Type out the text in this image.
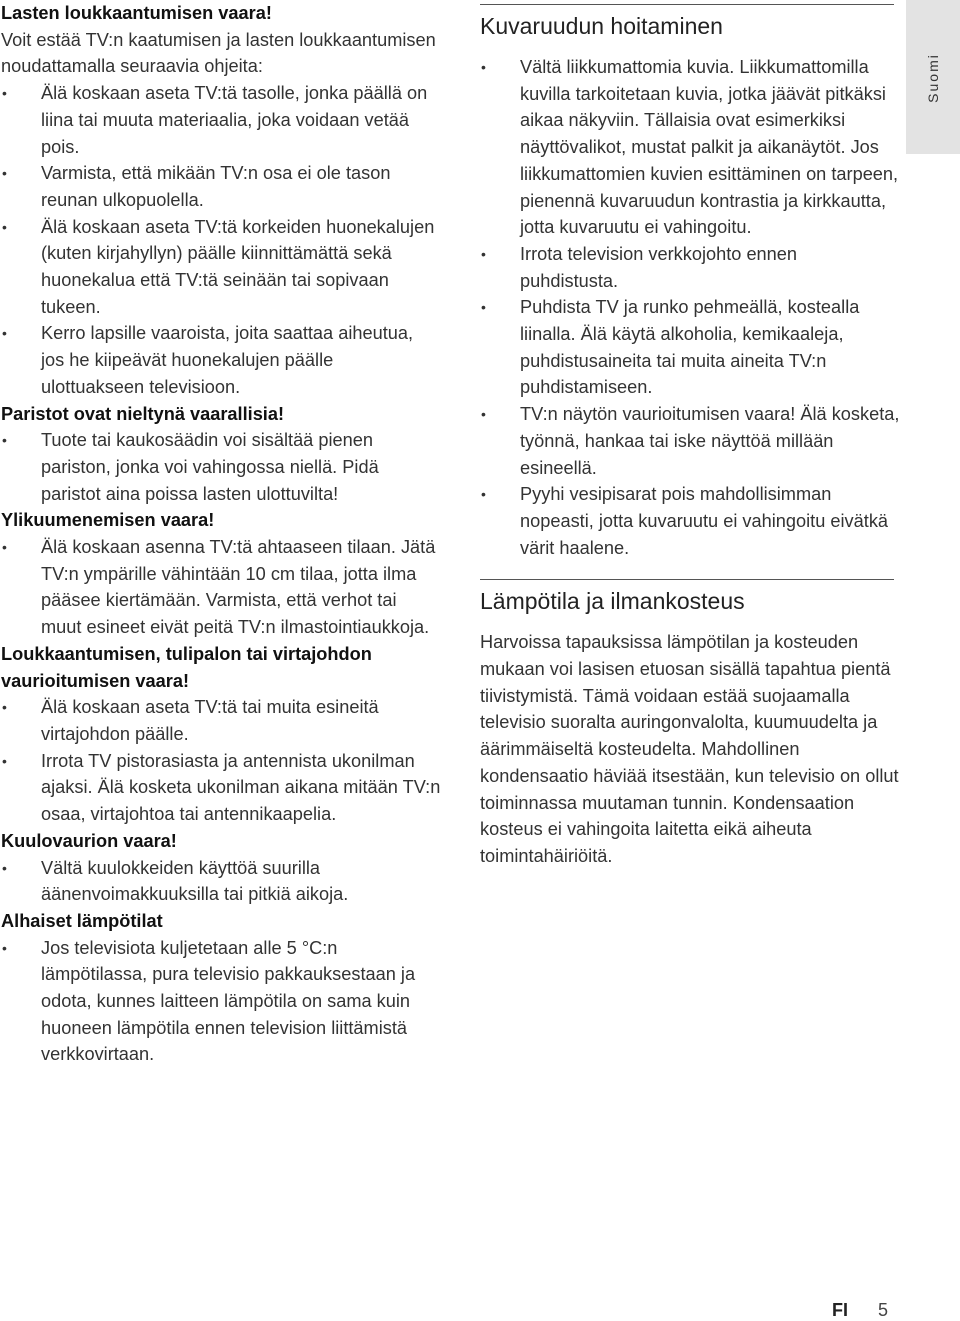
Lasten loukkaantumisen vaara!
Voit estää TV:n kaatumisen ja lasten loukkaantumisen noudattamalla seuraavia ohjeita:
• Älä koskaan aseta TV:tä tasolle, jonka päällä on liina tai muuta materiaalia, joka voidaan vetää pois.
• Varmista, että mikään TV:n osa ei ole tason reunan ulkopuolella.
• Älä koskaan aseta TV:tä korkeiden huonekalujen (kuten kirjahyllyn) päälle kiinnittämättä sekä huonekalua että TV:tä seinään tai sopivaan tukeen.
• Kerro lapsille vaaroista, joita saattaa aiheutua, jos he kiipeävät huonekalujen päälle ulottuakseen televisioon.
Paristot ovat nieltynä vaarallisia!
• Tuote tai kaukosäädin voi sisältää pienen pariston, jonka voi vahingossa niellä. Pidä paristot aina poissa lasten ulottuvilta!
Ylikuumenemisen vaara!
• Älä koskaan asenna TV:tä ahtaaseen tilaan. Jätä TV:n ympärille vähintään 10 cm tilaa, jotta ilma pääsee kiertämään. Varmista, että verhot tai muut esineet eivät peitä TV:n ilmastointiaukkoja.
Loukkaantumisen, tulipalon tai virtajohdon vaurioitumisen vaara!
• Älä koskaan aseta TV:tä tai muita esineitä virtajohdon päälle.
• Irrota TV pistorasiasta ja antennista ukonilman ajaksi. Älä kosketa ukonilman aikana mitään TV:n osaa, virtajohtoa tai antennikaapelia.
Kuulovaurion vaara!
• Vältä kuulokkeiden käyttöä suurilla äänenvoimakkuuksilla tai pitkiä aikoja.
Alhaiset lämpötilat
• Jos televisiota kuljetetaan alle 5 °C:n lämpötilassa, pura televisio pakkauksestaan ja odota, kunnes laitteen lämpötila on sama kuin huoneen lämpötila ennen television liittämistä verkkovirtaan.
Kuvaruudun hoitaminen
• Vältä liikkumattomia kuvia. Liikkumattomilla kuvilla tarkoitetaan kuvia, jotka jäävät pitkäksi aikaa näkyviin. Tällaisia ovat esimerkiksi näyttövalikot, mustat palkit ja aikanäytöt. Jos liikkumattomien kuvien esittäminen on tarpeen, pienennä kuvaruudun kontrastia ja kirkkautta, jotta kuvaruutu ei vahingoitu.
• Irrota television verkkojohto ennen puhdistusta.
• Puhdista TV ja runko pehmeällä, kostealla liinalla. Älä käytä alkoholia, kemikaaleja, puhdistusaineita tai muita aineita TV:n puhdistamiseen.
• TV:n näytön vaurioitumisen vaara! Älä kosketa, työnnä, hankaa tai iske näyttöä millään esineellä.
• Pyyhi vesipisarat pois mahdollisimman nopeasti, jotta kuvaruutu ei vahingoitu eivätkä värit haalene.
Lämpötila ja ilmankosteus
Harvoissa tapauksissa lämpötilan ja kosteuden mukaan voi lasisen etuosan sisällä tapahtua pientä tiivistymistä. Tämä voidaan estää suojaamalla televisio suoralta auringonvalolta, kuumuudelta ja äärimmäiseltä kosteudelta. Mahdollinen kondensaatio häviää itsestään, kun televisio on ollut toiminnassa muutaman tunnin. Kondensaation kosteus ei vahingoita laitetta eikä aiheuta toimintahäiriöitä.
Suomi
FI 5
